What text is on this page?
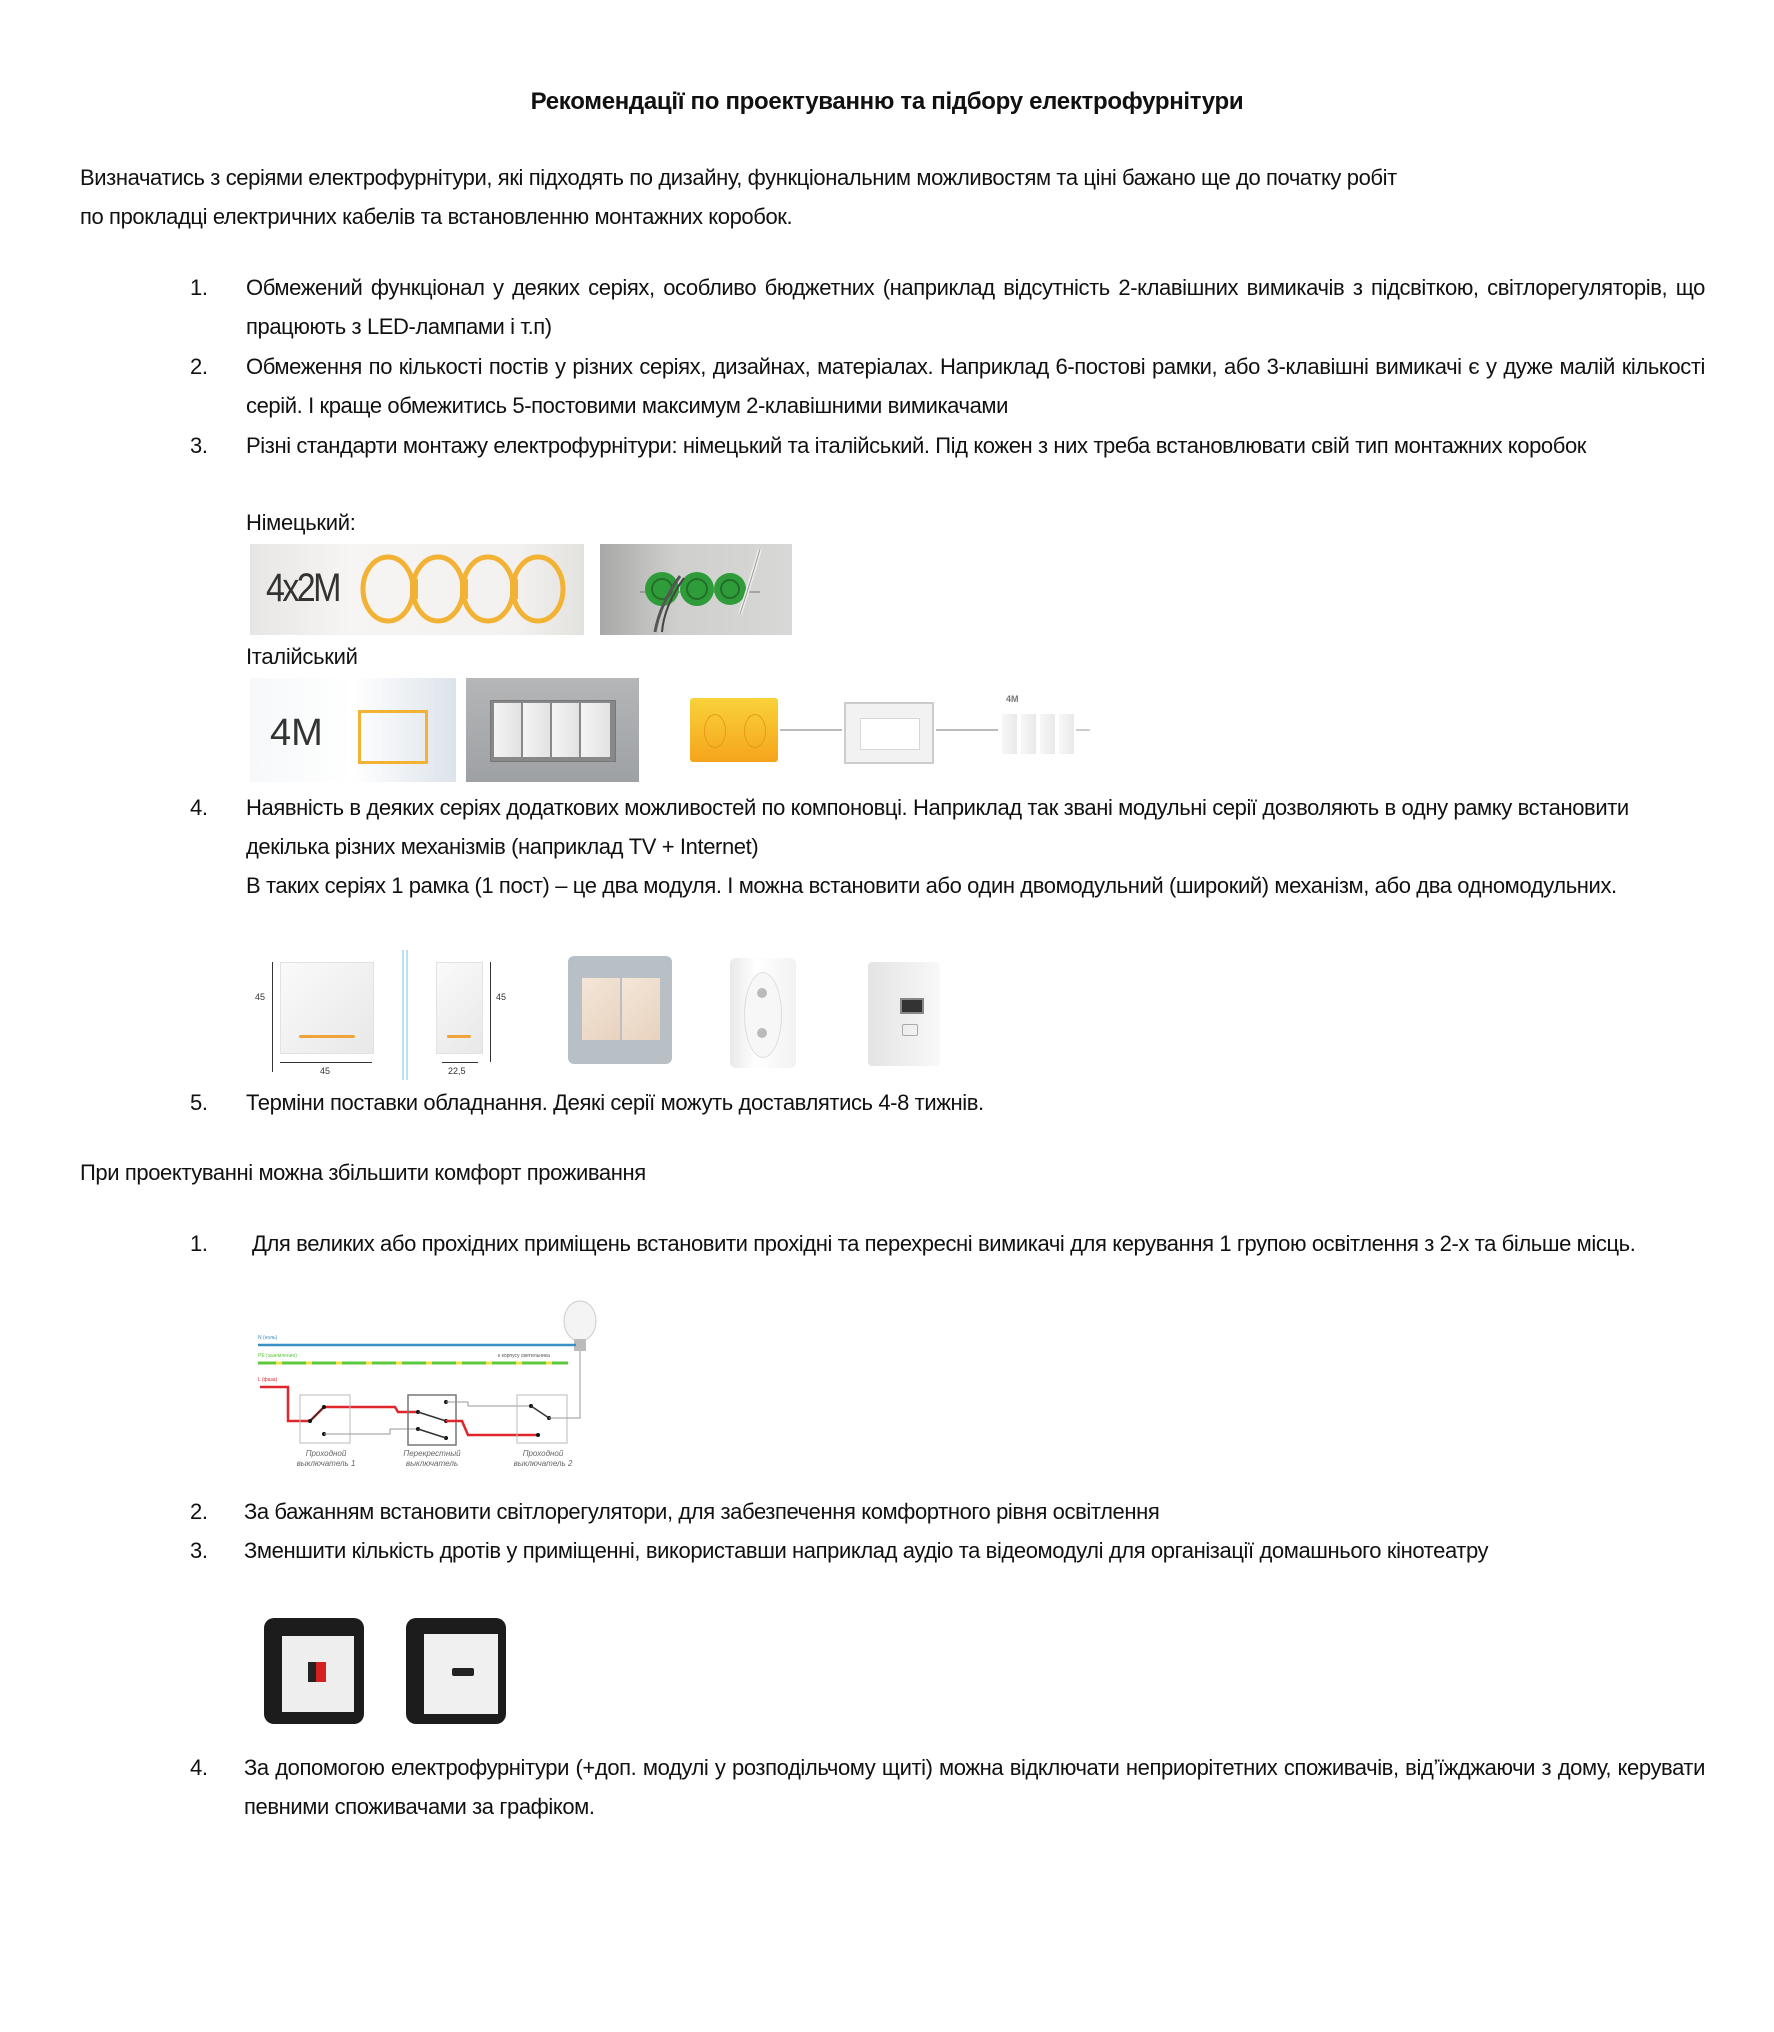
Рекомендації по проектуванню та підбору електрофурнітури
Визначатись з серіями електрофурнітури, які підходять по дизайну, функціональним можливостям та ціні бажано ще до початку робіт
по прокладці електричних кабелів та встановленню монтажних коробок.
1. Обмежений функціонал у деяких серіях, особливо бюджетних (наприклад відсутність 2-клавішних вимикачів з підсвіткою, світлорегуляторів, що працюють з LED-лампами і т.п)
2. Обмеження по кількості постів у різних серіях, дизайнах, матеріалах. Наприклад 6-постові рамки, або 3-клавішні вимикачі є у дуже малій кількості серій. І краще обмежитись 5-постовими максимум 2-клавішними вимикачами
3. Різні стандарти монтажу електрофурнітури: німецький та італійський. Під кожен з них треба встановлювати свій тип монтажних коробок
Німецький:
4x2M
Італійський
4M
4M
4. Наявність в деяких серіях додаткових можливостей по компоновці. Наприклад так звані модульні серії дозволяють в одну рамку встановити декілька різних механізмів (наприклад TV + Internet)
В таких серіях 1 рамка (1 пост) – це два модуля. І можна встановити або один двомодульний (широкий) механізм, або два одномодульних.
45
45
45
22,5
5. Терміни поставки обладнання. Деякі серії можуть доставлятись 4-8 тижнів.
При проектуванні можна збільшити комфорт проживання
1. Для великих або прохідних приміщень встановити прохідні та перехресні вимикачі для керування 1 групою освітлення з 2-х та більше місць.
N (ноль)
PE (заземление)
L (фаза)
к корпусу светильника
Проходной
выключатель 1
Перекрестный
выключатель
Проходной
выключатель 2
2. За бажанням встановити світлорегулятори, для забезпечення комфортного рівня освітлення
3. Зменшити кількість дротів у приміщенні, використавши наприклад аудіо та відеомодулі для організації домашнього кінотеатру
4. За допомогою електрофурнітури (+доп. модулі у розподільчому щиті) можна відключати неприорітетних споживачів, від’їжджаючи з дому, керувати певними споживачами за графіком.
